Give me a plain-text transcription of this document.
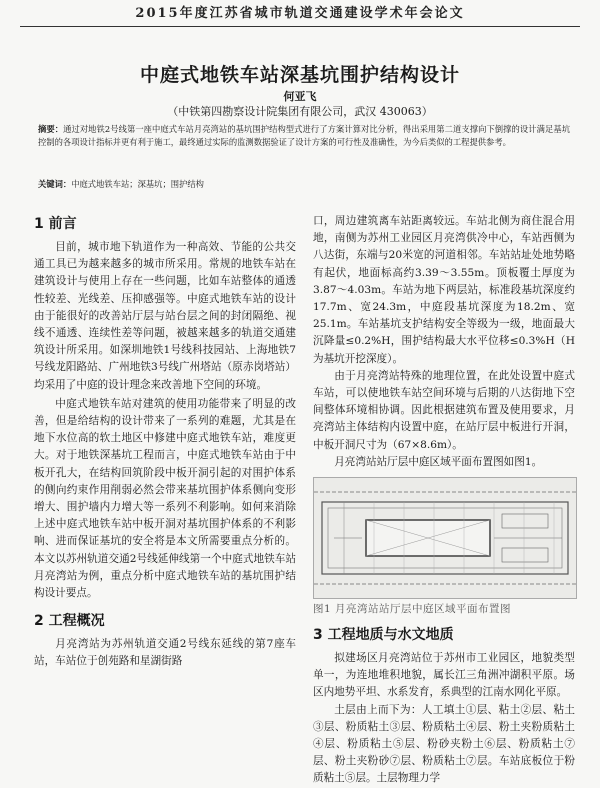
2015年度江苏省城市轨道交通建设学术年会论文
中庭式地铁车站深基坑围护结构设计
何亚飞
（中铁第四勘察设计院集团有限公司，武汉 430063）
摘要：通过对地铁2号线第一座中庭式车站月亮湾站的基坑围护结构型式进行了方案计算对比分析，得出采用第二道支撑向下倒撑的设计满足基坑控制的各项设计指标并更有利于施工，最终通过实际的监测数据验证了设计方案的可行性及准确性，为今后类似的工程提供参考。
关键词：中庭式地铁车站；深基坑；围护结构
1 前言

目前，城市地下轨道作为一种高效、节能的公共交通工具已为越来越多的城市所采用。常规的地铁车站在建筑设计与使用上存在一些问题，比如车站整体的通透性较差、光线差、压抑感强等。中庭式地铁车站的设计由于能很好的改善站厅层与站台层之间的封闭隔绝、视线不通透、连续性差等问题，被越来越多的轨道交通建筑设计所采用。如深圳地铁1号线科技园站、上海地铁7号线龙阳路站、广州地铁3号线广州塔站（原赤岗塔站）均采用了中庭的设计理念来改善地下空间的环境。

中庭式地铁车站对建筑的使用功能带来了明显的改善，但是给结构的设计带来了一系列的难题，尤其是在地下水位高的软土地区中修建中庭式地铁车站，难度更大。对于地铁深基坑工程而言，中庭式地铁车站由于中板开孔大，在结构回筑阶段中板开洞引起的对围护体系的侧向约束作用削弱必然会带来基坑围护体系侧向变形增大、围护墙内力增大等一系列不利影响。如何来消除上述中庭式地铁车站中板开洞对基坑围护体系的不利影响、进而保证基坑的安全将是本文所需要重点分析的。本文以苏州轨道交通2号线延伸线第一个中庭式地铁车站月亮湾站为例，重点分析中庭式地铁车站的基坑围护结构设计要点。

2 工程概况

月亮湾站为苏州轨道交通2号线东延线的第7座车站，车站位于创苑路和星湖街路

口，周边建筑离车站距离较远。车站北侧为商住混合用地，南侧为苏州工业园区月亮湾供冷中心，车站西侧为八达街，东端与20米宽的河道相邻。车站站址处地势略有起伏，地面标高约3.39～3.55m。顶板覆土厚度为3.87～4.03m。车站为地下两层站，标准段基坑深度约17.7m、宽24.3m，中庭段基坑深度为18.2m、宽25.1m。车站基坑支护结构安全等级为一级，地面最大沉降量≤0.2%H，围护结构最大水平位移≤0.3%H（H为基坑开挖深度）。

由于月亮湾站特殊的地理位置，在此处设置中庭式车站，可以使地铁车站空间环境与后期的八达街地下空间整体环境相协调。因此根据建筑布置及使用要求，月亮湾站主体结构内设置中庭，在站厅层中板进行开洞，中板开洞尺寸为（67×8.6m）。

月亮湾站站厅层中庭区域平面布置图如图1。

图1 月亮湾站站厅层中庭区域平面布置图
3 工程地质与水文地质

拟建场区月亮湾站位于苏州市工业园区，地貌类型单一，为连地堆积地貌，属长江三角洲冲湖积平原。场区内地势平坦、水系发育，系典型的江南水网化平原。

土层由上而下为：人工填土①层、粘土②层、粘土③层、粉质粘土③层、粉质粘土④层、粉土夹粉质粘土④层、粉质粘土⑤层、粉砂夹粉土⑥层、粉质粘土⑦层、粉土夹粉砂⑦层、粉质粘土⑦层。车站底板位于粉质粘土⑤层。土层物理力学
